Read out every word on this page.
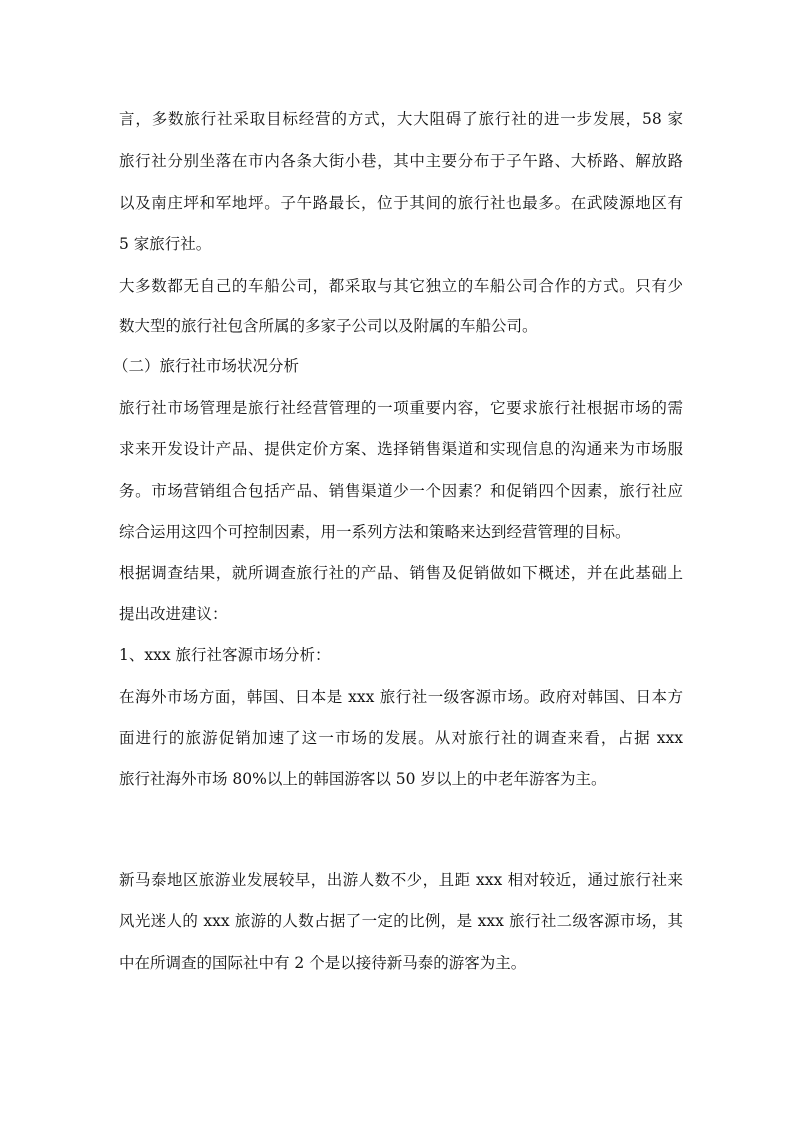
言，多数旅行社采取目标经营的方式，大大阻碍了旅行社的进一步发展，58 家
旅行社分别坐落在市内各条大街小巷，其中主要分布于子午路、大桥路、解放路
以及南庄坪和军地坪。子午路最长，位于其间的旅行社也最多。在武陵源地区有
5 家旅行社。
大多数都无自己的车船公司，都采取与其它独立的车船公司合作的方式。只有少
数大型的旅行社包含所属的多家子公司以及附属的车船公司。
（二）旅行社市场状况分析
旅行社市场管理是旅行社经营管理的一项重要内容，它要求旅行社根据市场的需
求来开发设计产品、提供定价方案、选择销售渠道和实现信息的沟通来为市场服
务。市场营销组合包括产品、销售渠道少一个因素？和促销四个因素，旅行社应
综合运用这四个可控制因素，用一系列方法和策略来达到经营管理的目标。
根据调查结果，就所调查旅行社的产品、销售及促销做如下概述，并在此基础上
提出改进建议：
1、xxx 旅行社客源市场分析：
在海外市场方面，韩国、日本是 xxx 旅行社一级客源市场。政府对韩国、日本方
面进行的旅游促销加速了这一市场的发展。从对旅行社的调查来看，占据 xxx
旅行社海外市场 80%以上的韩国游客以 50 岁以上的中老年游客为主。
新马泰地区旅游业发展较早，出游人数不少，且距 xxx 相对较近，通过旅行社来
风光迷人的 xxx 旅游的人数占据了一定的比例，是 xxx 旅行社二级客源市场，其
中在所调查的国际社中有 2 个是以接待新马泰的游客为主。
